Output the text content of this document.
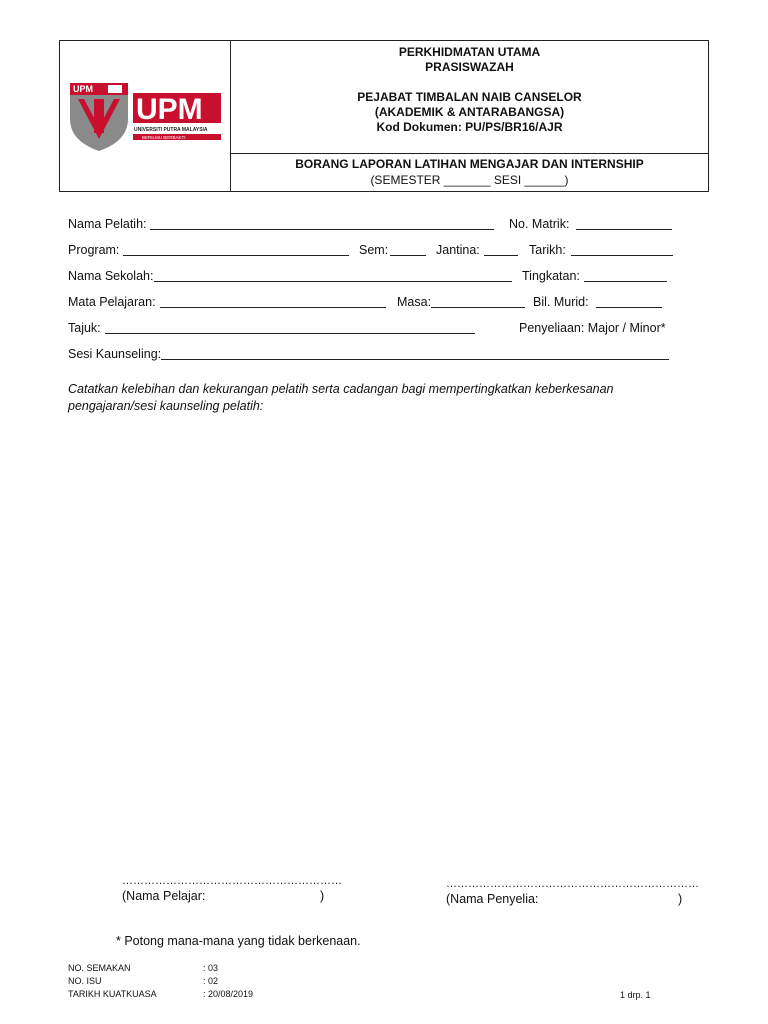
UPM
UPM
UNIVERSITI PUTRA MALAYSIA
BERILMU BERBAKTI
PERKHIDMATAN UTAMA
PRASISWAZAH
PEJABAT TIMBALAN NAIB CANSELOR
(AKADEMIK & ANTARABANGSA)
Kod Dokumen: PU/PS/BR16/AJR
BORANG LAPORAN LATIHAN MENGAJAR DAN INTERNSHIP
(SEMESTER _______ SESI ______)
Nama Pelatih:	No. Matrik:
Program:	Sem:	Jantina:	Tarikh:
Nama Sekolah:	Tingkatan:
Mata Pelajaran:	Masa:	Bil. Murid:
Tajuk:	Penyeliaan: Major / Minor*
Sesi Kaunseling:
Catatkan kelebihan dan kekurangan pelatih serta cadangan bagi mempertingkatkan keberkesanan pengajaran/sesi kaunseling pelatih:
……………………………………………………
(Nama Pelajar:	)
……………………………………………………………
(Nama Penyelia:	)
* Potong mana-mana yang tidak berkenaan.
NO. SEMAKAN	: 03
NO. ISU	: 02
TARIKH KUATKUASA	: 20/08/2019	1 drp. 1
